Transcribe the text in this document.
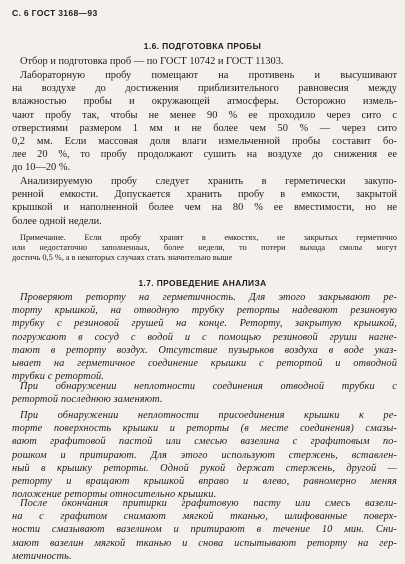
С. 6 ГОСТ 3168—93
1.6. ПОДГОТОВКА ПРОБЫ
Отбор и подготовка проб — по ГОСТ 10742 и ГОСТ 11303.
Лабораторную пробу помещают на противень и высушивают
на воздухе до достижения приблизительного равновесия между
влажностью пробы и окружающей атмосферы. Осторожно измель-
чают пробу так, чтобы не менее 90 % ее проходило через сито с
отверстиями размером 1 мм и не более чем 50 % — через сито
0,2 мм. Если массовая доля влаги измельченной пробы составит бо-
лее 20 %, то пробу продолжают сушить на воздухе до снижения ее
до 10—20 %.
Анализируемую пробу следует хранить в герметически закупо-
ренной емкости. Допускается хранить пробу в емкости, закрытой
крышкой и наполненной более чем на 80 % ее вместимости, но не
более одной недели.
Примечание. Если пробу хранят в емкостях, не закрытых герметично
или недостаточно заполненных, более недели, то потери выхода смолы могут
достичь 0,5 %, а в некоторых случаях стать значительно выше
1.7. ПРОВЕДЕНИЕ АНАЛИЗА
Проверяют реторту на герметичность. Для этого закрывают ре-
торту крышкой, на отводную трубку реторты надевают резиновую
трубку с резиновой грушей на конце. Реторту, закрытую крышкой,
погружают в сосуд с водой и с помощью резиновой груши нагне-
тают в реторту воздух. Отсутствие пузырьков воздуха в воде указ-
ывает на герметичное соединение крышки с ретортой и отводной
трубки с ретортой.
При обнаружении неплотности соединения отводной трубки с
ретортой последнюю заменяют.
При обнаружении неплотности присоединения крышки к ре-
торте поверхность крышки и реторты (в месте соединения) смазы-
вают графитовой пастой или смесью вазелина с графитовым по-
рошком и притирают. Для этого используют стержень, вставлен-
ный в крышку реторты. Одной рукой держат стержень, другой —
реторту и вращают крышкой вправо и влево, равномерно меняя
положение реторты относительно крышки.
После окончания притирки графитовую пасту или смесь вазели-
на с графитом снимают мягкой тканью, шлифованные поверх-
ности смазывают вазелином и притирают в течение 10 мин. Сни-
мают вазелин мягкой тканью и снова испытывают реторту на гер-
метичность.
